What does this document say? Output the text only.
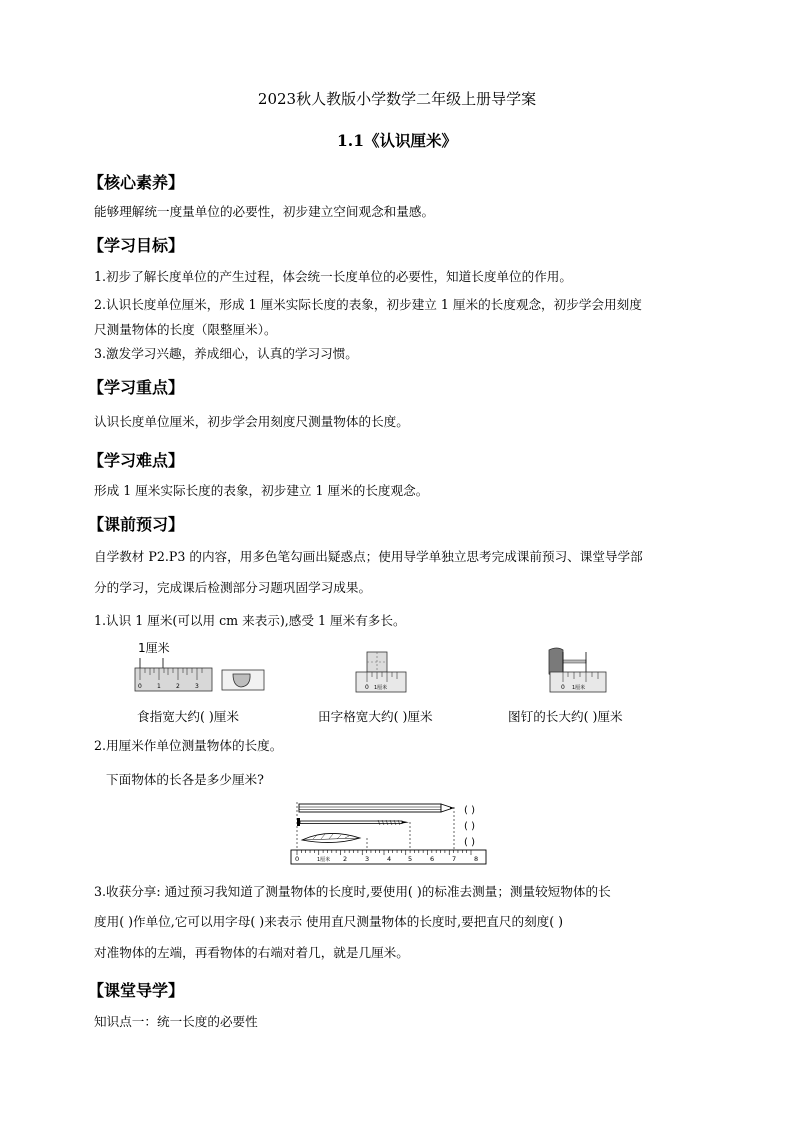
2023秋人教版小学数学二年级上册导学案
1.1《认识厘米》
【核心素养】
能够理解统一度量单位的必要性，初步建立空间观念和量感。
【学习目标】
1.初步了解长度单位的产生过程，体会统一长度单位的必要性，知道长度单位的作用。
2.认识长度单位厘米，形成 1 厘米实际长度的表象，初步建立 1 厘米的长度观念，初步学会用刻度
尺测量物体的长度（限整厘米）。
3.激发学习兴趣，养成细心，认真的学习习惯。
【学习重点】
认识长度单位厘米，初步学会用刻度尺测量物体的长度。
【学习难点】
形成 1 厘米实际长度的表象，初步建立 1 厘米的长度观念。
【课前预习】
自学教材 P2.P3 的内容，用多色笔勾画出疑惑点；使用导学单独立思考完成课前预习、课堂导学部
分的学习，完成课后检测部分习题巩固学习成果。
1.认识 1 厘米(可以用 cm 来表示),感受 1 厘米有多长。
1厘米
0	1	2	3	0 1厘米	0 1厘米
食指宽大约( )厘米	田字格宽大约( )厘米	图钉的长大约( )厘米
2.用厘米作单位测量物体的长度。
下面物体的长各是多少厘米?
( )
( )
( )
0	1厘米 2	3	4	5	6	7	8
3.收获分享: 通过预习我知道了测量物体的长度时,要使用( )的标准去测量；测量较短物体的长
度用( )作单位,它可以用字母( )来表示 使用直尺测量物体的长度时,要把直尺的刻度( )
对准物体的左端，再看物体的右端对着几，就是几厘米。
【课堂导学】
知识点一：统一长度的必要性
